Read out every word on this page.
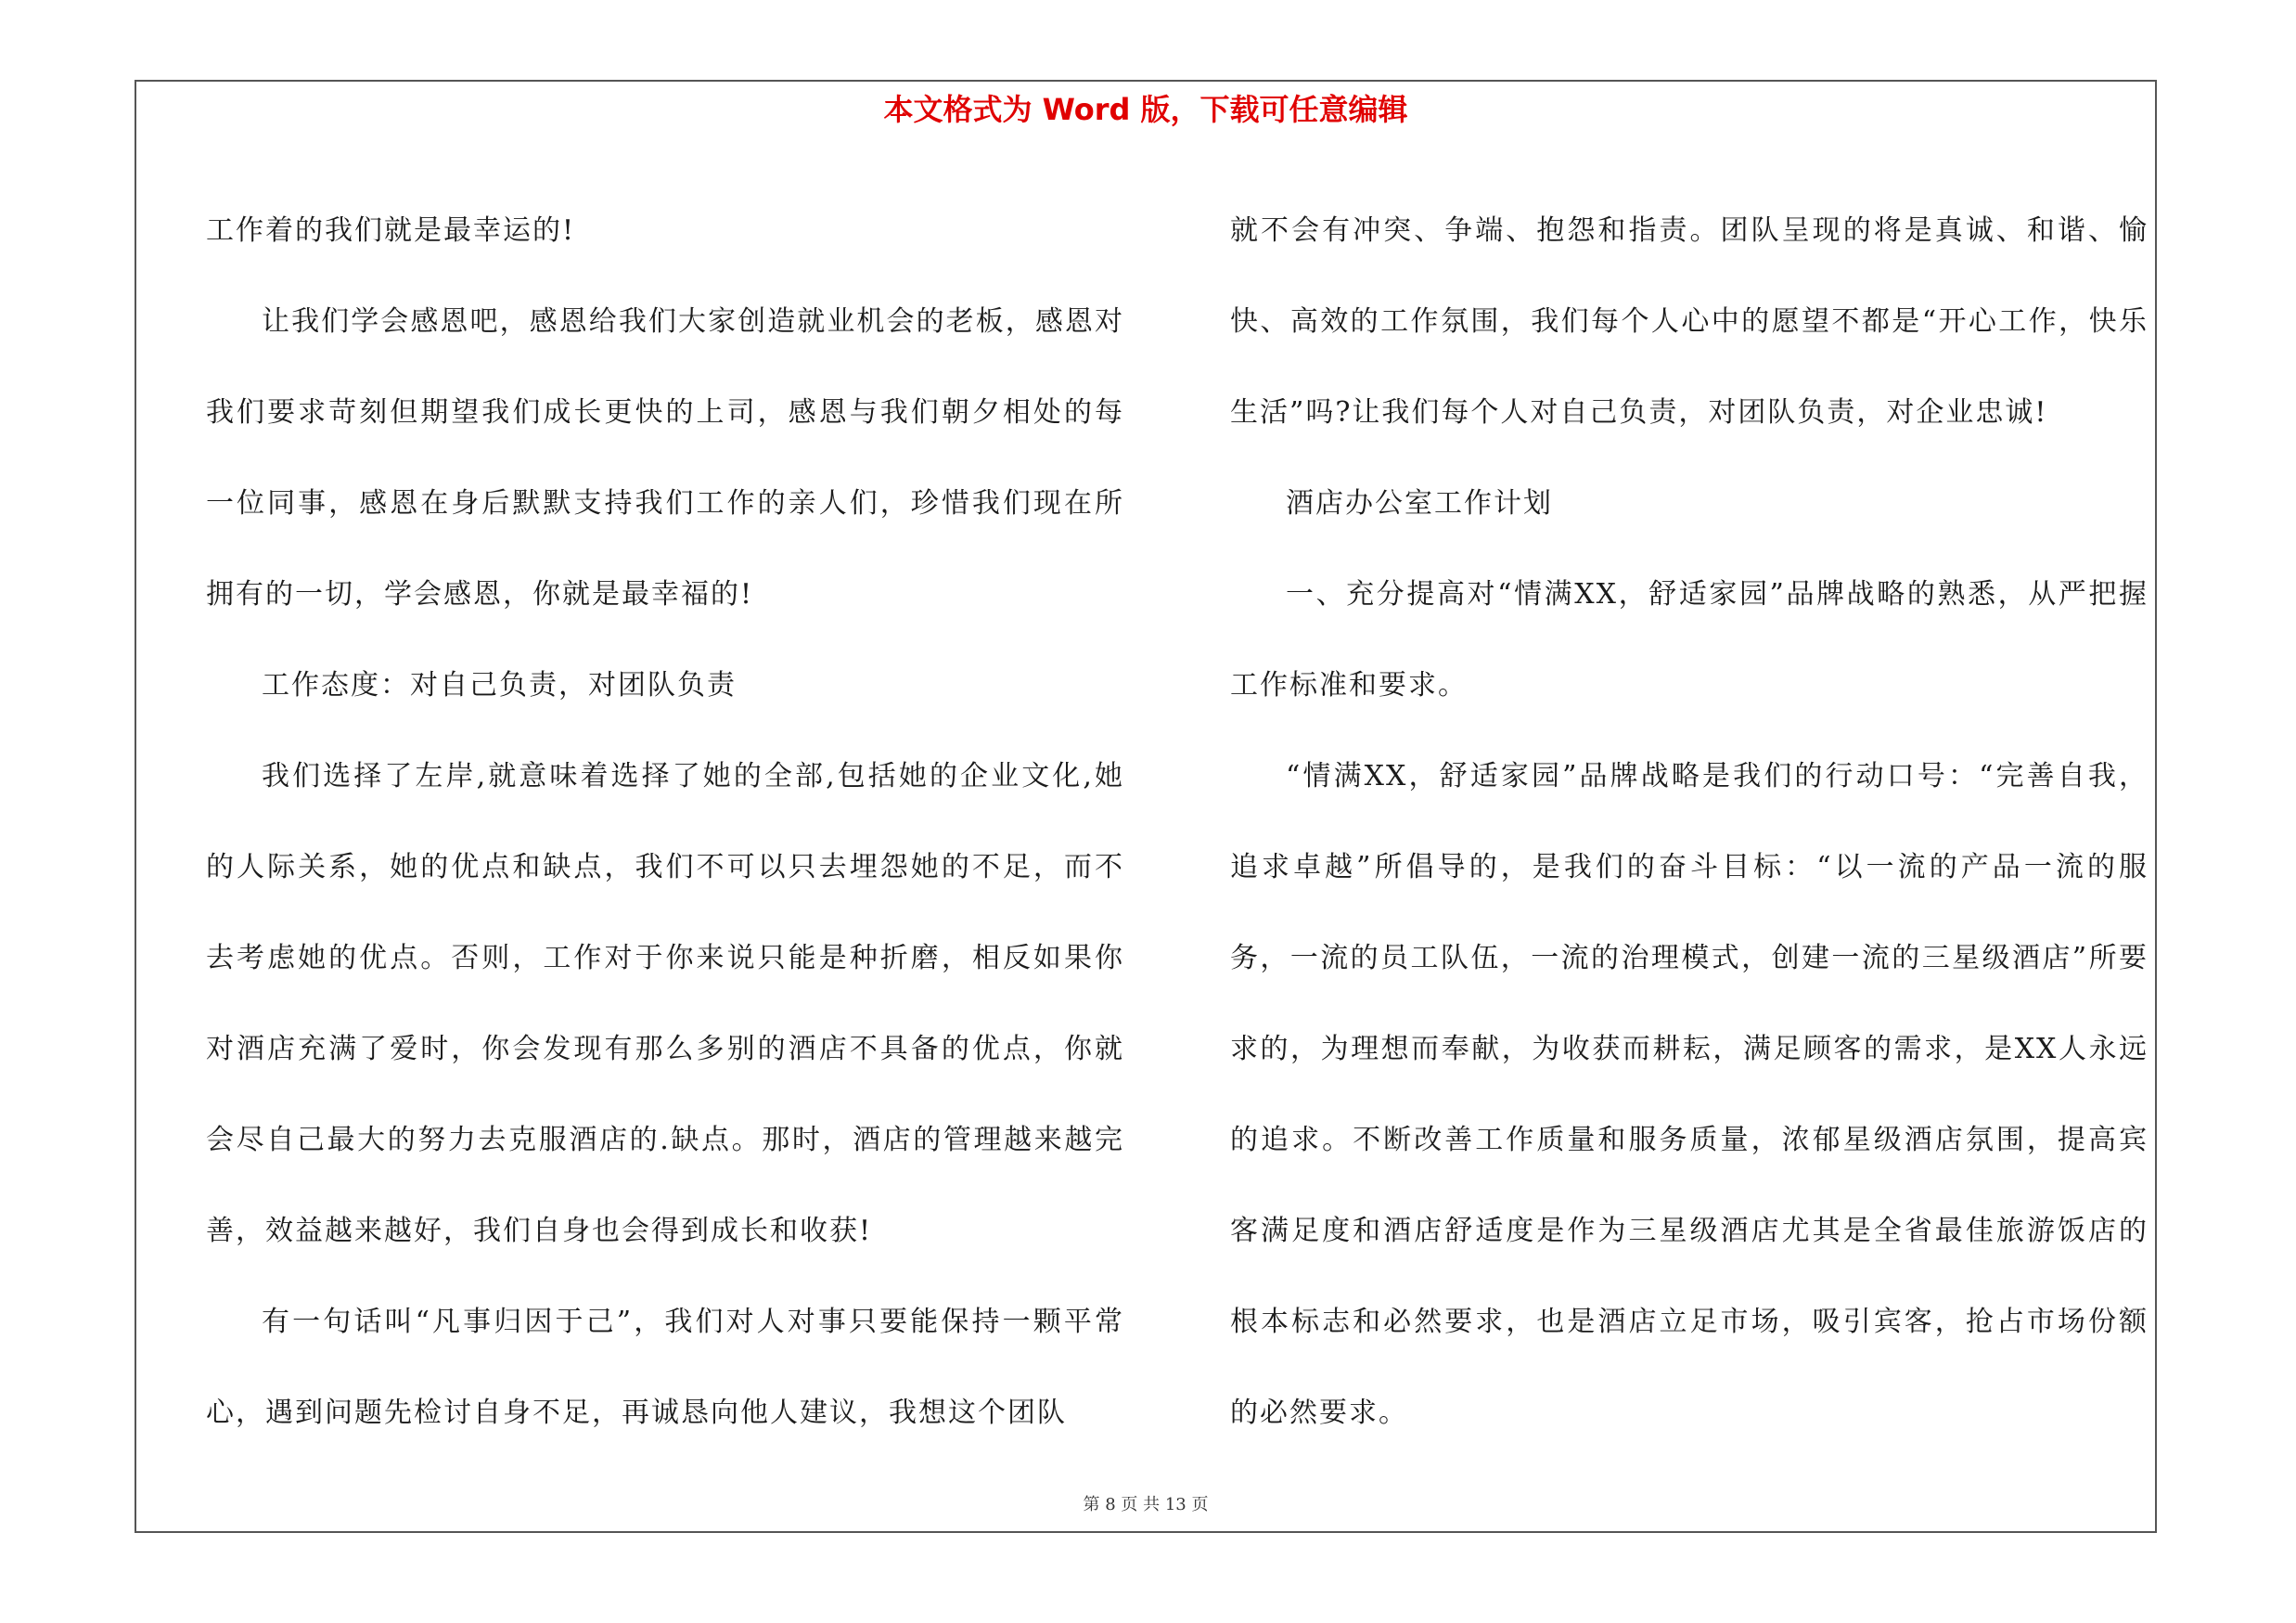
本文格式为 Word 版，下载可任意编辑

工作着的我们就是最幸运的!

让我们学会感恩吧，感恩给我们大家创造就业机会的老板，感恩对我们要求苛刻但期望我们成长更快的上司，感恩与我们朝夕相处的每一位同事，感恩在身后默默支持我们工作的亲人们，珍惜我们现在所拥有的一切，学会感恩，你就是最幸福的!

工作态度：对自己负责，对团队负责

我们选择了左岸,就意味着选择了她的全部,包括她的企业文化,她的人际关系，她的优点和缺点，我们不可以只去埋怨她的不足，而不去考虑她的优点。否则，工作对于你来说只能是种折磨，相反如果你对酒店充满了爱时，你会发现有那么多别的酒店不具备的优点，你就会尽自己最大的努力去克服酒店的.缺点。那时，酒店的管理越来越完善，效益越来越好，我们自身也会得到成长和收获!

有一句话叫“凡事归因于己”，我们对人对事只要能保持一颗平常心，遇到问题先检讨自身不足，再诚恳向他人建议，我想这个团队

就不会有冲突、争端、抱怨和指责。团队呈现的将是真诚、和谐、愉快、高效的工作氛围，我们每个人心中的愿望不都是“开心工作，快乐生活”吗?让我们每个人对自己负责，对团队负责，对企业忠诚!

酒店办公室工作计划

一、充分提高对“情满XX，舒适家园”品牌战略的熟悉，从严把握工作标准和要求。

“情满XX，舒适家园”品牌战略是我们的行动口号：“完善自我，追求卓越”所倡导的，是我们的奋斗目标：“以一流的产品一流的服务，一流的员工队伍，一流的治理模式，创建一流的三星级酒店”所要求的，为理想而奉献，为收获而耕耘，满足顾客的需求，是XX人永远的追求。不断改善工作质量和服务质量，浓郁星级酒店氛围，提高宾客满足度和酒店舒适度是作为三星级酒店尤其是全省最佳旅游饭店的根本标志和必然要求，也是酒店立足市场，吸引宾客，抢占市场份额的必然要求。

第 8 页 共 13 页
